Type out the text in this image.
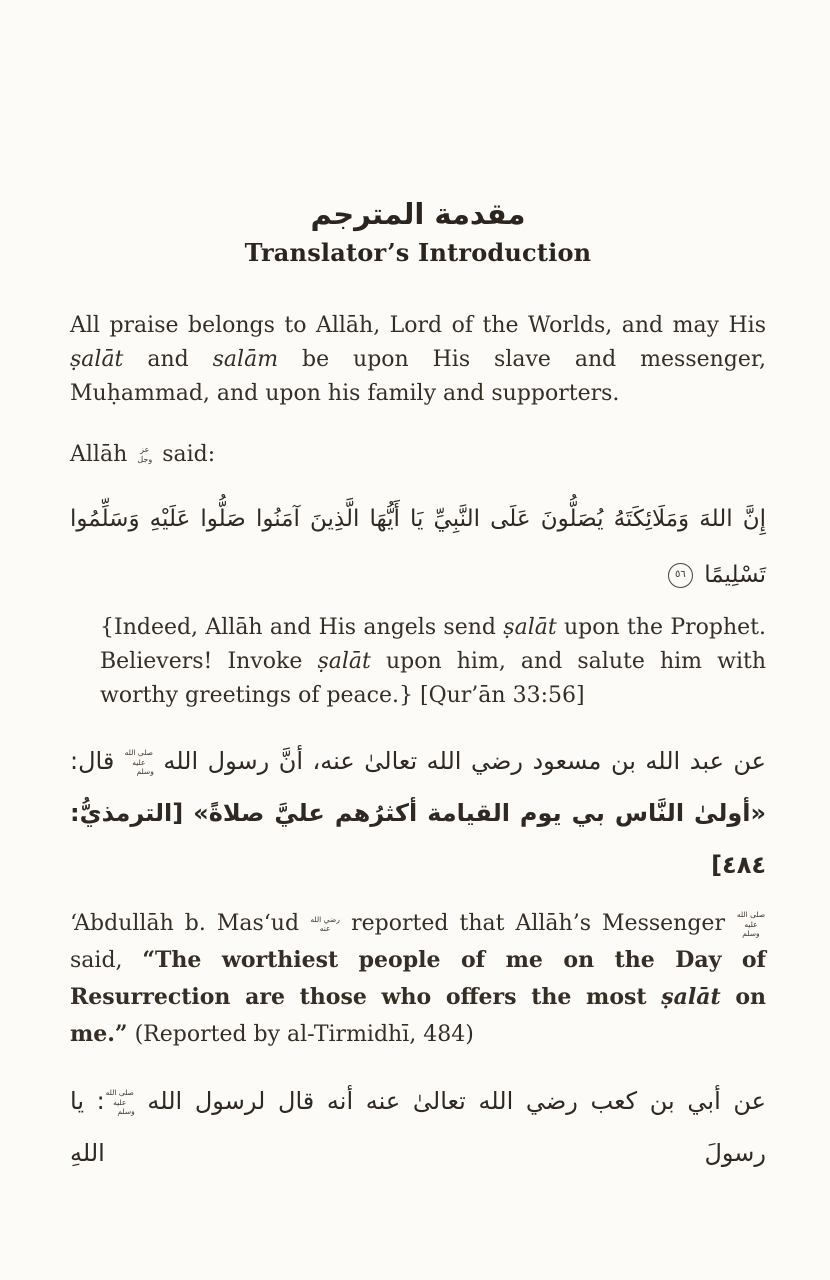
مقدمة المترجم
Translator’s Introduction

All praise belongs to Allāh, Lord of the Worlds, and may His ṣalāt and salām be upon His slave and messenger, Muḥammad, and upon his family and supporters.

Allāh عز وجل said:

إِنَّ اللهَ وَمَلَائِكَتَهُ يُصَلُّونَ عَلَى النَّبِيِّ يَا أَيُّهَا الَّذِينَ آمَنُوا صَلُّوا عَلَيْهِ وَسَلِّمُوا تَسْلِيمًا ٥٦

{Indeed, Allāh and His angels send ṣalāt upon the Prophet. Believers! Invoke ṣalāt upon him, and salute him with worthy greetings of peace.} [Qur’ān 33:56]

عن عبد الله بن مسعود رضي الله تعالىٰ عنه، أنَّ رسول الله صلى الله عليه وسلم قال:
«أولىٰ النَّاس بي يوم القيامة أكثرُهم عليَّ صلاةً» [الترمذيُّ: ٤٨٤]

‘Abdullāh b. Mas‘ud رضي الله عنه reported that Allāh’s Messenger صلى الله عليه وسلم said, “The worthiest people of me on the Day of Resurrection are those who offers the most ṣalāt on me.” (Reported by al-Tirmidhī, 484)

عن أبي بن كعب رضي الله تعالىٰ عنه أنه قال لرسول الله صلى الله عليه وسلم: يا رسولَ اللهِ
